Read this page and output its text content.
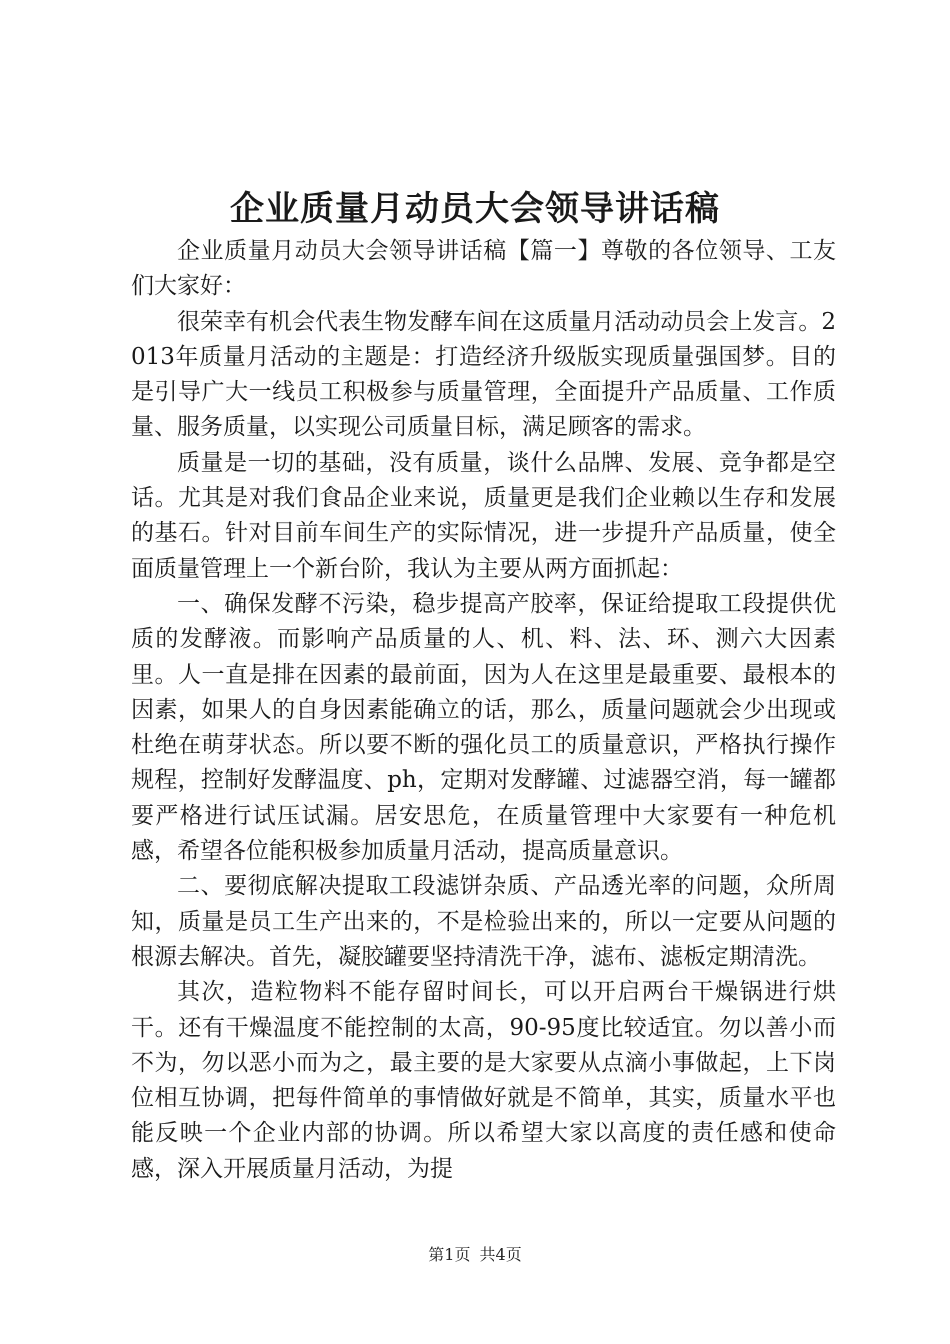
企业质量月动员大会领导讲话稿

企业质量月动员大会领导讲话稿【篇一】尊敬的各位领导、工友们大家好：

很荣幸有机会代表生物发酵车间在这质量月活动动员会上发言。2013年质量月活动的主题是：打造经济升级版实现质量强国梦。目的是引导广大一线员工积极参与质量管理，全面提升产品质量、工作质量、服务质量，以实现公司质量目标，满足顾客的需求。

质量是一切的基础，没有质量，谈什么品牌、发展、竞争都是空话。尤其是对我们食品企业来说，质量更是我们企业赖以生存和发展的基石。针对目前车间生产的实际情况，进一步提升产品质量，使全面质量管理上一个新台阶，我认为主要从两方面抓起：

一、确保发酵不污染，稳步提高产胶率，保证给提取工段提供优质的发酵液。而影响产品质量的人、机、料、法、环、测六大因素里。人一直是排在因素的最前面，因为人在这里是最重要、最根本的因素，如果人的自身因素能确立的话，那么，质量问题就会少出现或杜绝在萌芽状态。所以要不断的强化员工的质量意识，严格执行操作规程，控制好发酵温度、ph，定期对发酵罐、过滤器空消，每一罐都要严格进行试压试漏。居安思危，在质量管理中大家要有一种危机感，希望各位能积极参加质量月活动，提高质量意识。

二、要彻底解决提取工段滤饼杂质、产品透光率的问题，众所周知，质量是员工生产出来的，不是检验出来的，所以一定要从问题的根源去解决。首先，凝胶罐要坚持清洗干净，滤布、滤板定期清洗。

其次，造粒物料不能存留时间长，可以开启两台干燥锅进行烘干。还有干燥温度不能控制的太高，90-95度比较适宜。勿以善小而不为，勿以恶小而为之，最主要的是大家要从点滴小事做起，上下岗位相互协调，把每件简单的事情做好就是不简单，其实，质量水平也能反映一个企业内部的协调。所以希望大家以高度的责任感和使命感，深入开展质量月活动，为提

第1页 共4页
